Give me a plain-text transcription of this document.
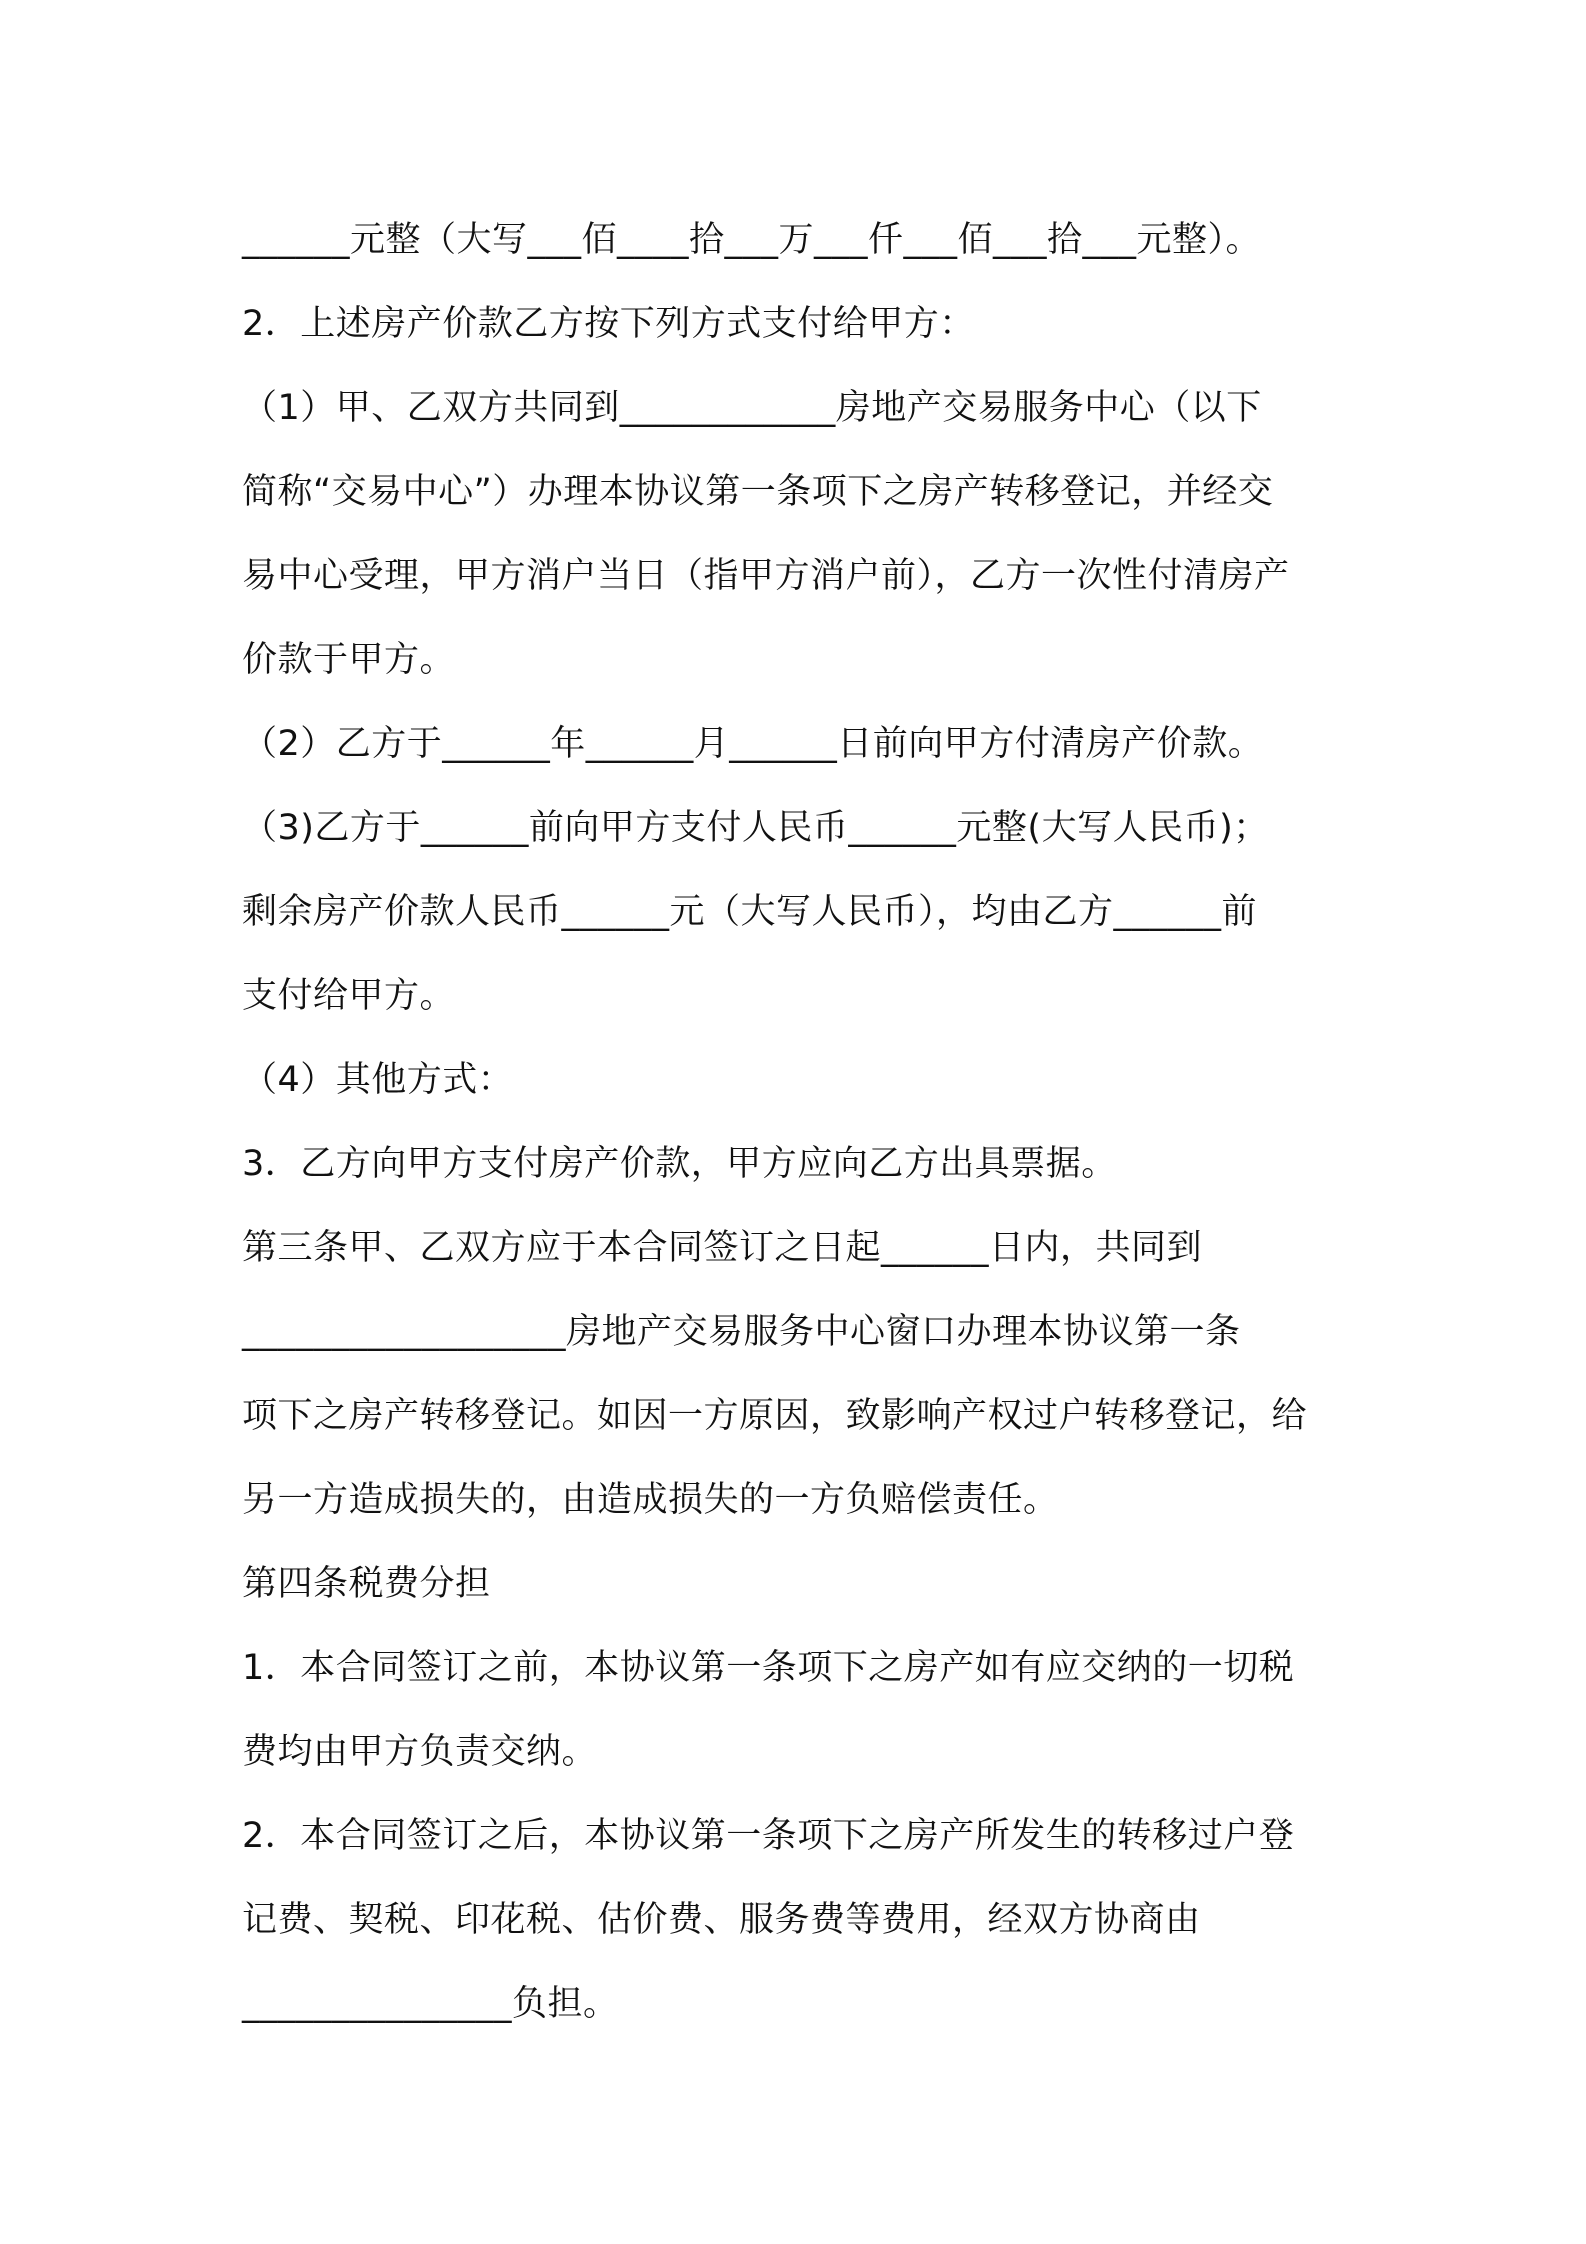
______元整（大写___佰____拾___万___仟___佰___拾___元整）。
2．上述房产价款乙方按下列方式支付给甲方：
（1）甲、乙双方共同到____________房地产交易服务中心（以下
简称“交易中心”）办理本协议第一条项下之房产转移登记，并经交
易中心受理，甲方消户当日（指甲方消户前），乙方一次性付清房产
价款于甲方。
（2）乙方于______年______月______日前向甲方付清房产价款。
（3)乙方于______前向甲方支付人民币______元整(大写人民币)；
剩余房产价款人民币______元（大写人民币），均由乙方______前
支付给甲方。
（4）其他方式：
3．乙方向甲方支付房产价款，甲方应向乙方出具票据。
第三条甲、乙双方应于本合同签订之日起______日内，共同到
__________________房地产交易服务中心窗口办理本协议第一条
项下之房产转移登记。如因一方原因，致影响产权过户转移登记，给
另一方造成损失的，由造成损失的一方负赔偿责任。
第四条税费分担
1．本合同签订之前，本协议第一条项下之房产如有应交纳的一切税
费均由甲方负责交纳。
2．本合同签订之后，本协议第一条项下之房产所发生的转移过户登
记费、契税、印花税、估价费、服务费等费用，经双方协商由
_______________负担。
